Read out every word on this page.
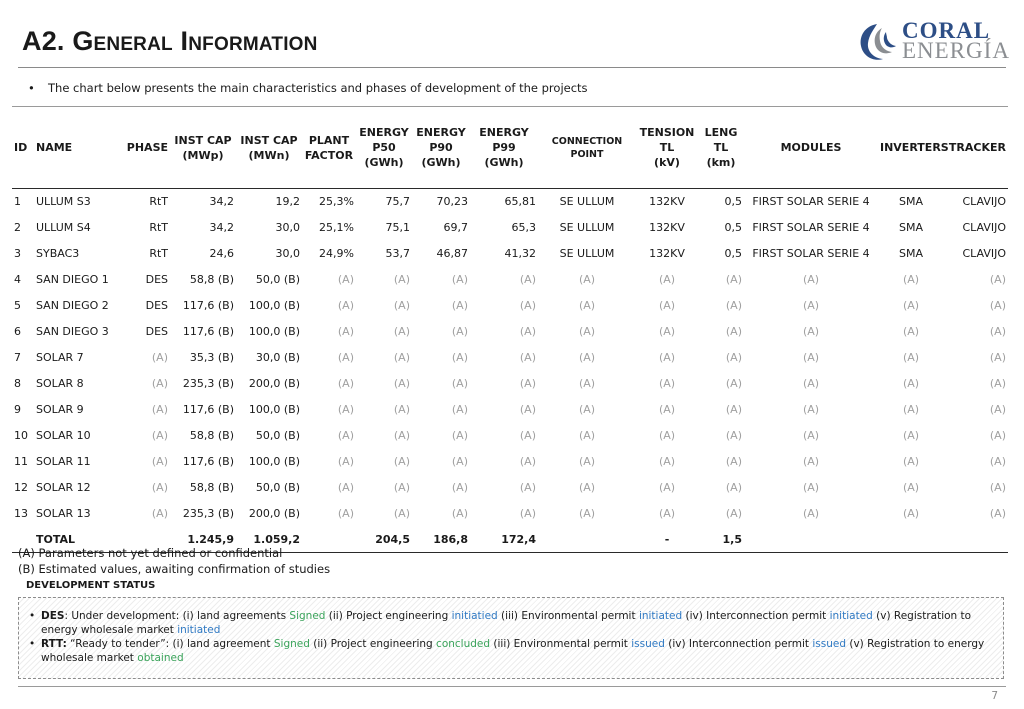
A2. General Information	CORAL
ENERGÍA
• The chart below presents the main characteristics and phases of development of the projects
ID	NAME	PHASE	INST CAP
(MWp)	INST CAP
(MWn)	PLANT
FACTOR	ENERGY
P50
(GWh)	ENERGY
P90
(GWh)	ENERGY
P99
(GWh)	CONNECTION
POINT	TENSION
TL
(kV)	LENG
TL
(km)	MODULES	INVERTERS	TRACKER
1	ULLUM S3	RtT	34,2	19,2	25,3%	75,7	70,23	65,81	SE ULLUM	132KV	0,5	FIRST SOLAR SERIE 4	SMA	CLAVIJO
2	ULLUM S4	RtT	34,2	30,0	25,1%	75,1	69,7	65,3	SE ULLUM	132KV	0,5	FIRST SOLAR SERIE 4	SMA	CLAVIJO
3	SYBAC3	RtT	24,6	30,0	24,9%	53,7	46,87	41,32	SE ULLUM	132KV	0,5	FIRST SOLAR SERIE 4	SMA	CLAVIJO
4	SAN DIEGO 1	DES	58,8 (B)	50,0 (B)	(A)	(A)	(A)	(A)	(A)	(A)	(A)	(A)	(A)	(A)
5	SAN DIEGO 2	DES	117,6 (B)	100,0 (B)	(A)	(A)	(A)	(A)	(A)	(A)	(A)	(A)	(A)	(A)
6	SAN DIEGO 3	DES	117,6 (B)	100,0 (B)	(A)	(A)	(A)	(A)	(A)	(A)	(A)	(A)	(A)	(A)
7	SOLAR 7	(A)	35,3 (B)	30,0 (B)	(A)	(A)	(A)	(A)	(A)	(A)	(A)	(A)	(A)	(A)
8	SOLAR 8	(A)	235,3 (B)	200,0 (B)	(A)	(A)	(A)	(A)	(A)	(A)	(A)	(A)	(A)	(A)
9	SOLAR 9	(A)	117,6 (B)	100,0 (B)	(A)	(A)	(A)	(A)	(A)	(A)	(A)	(A)	(A)	(A)
10	SOLAR 10	(A)	58,8 (B)	50,0 (B)	(A)	(A)	(A)	(A)	(A)	(A)	(A)	(A)	(A)	(A)
11	SOLAR 11	(A)	117,6 (B)	100,0 (B)	(A)	(A)	(A)	(A)	(A)	(A)	(A)	(A)	(A)	(A)
12	SOLAR 12	(A)	58,8 (B)	50,0 (B)	(A)	(A)	(A)	(A)	(A)	(A)	(A)	(A)	(A)	(A)
13	SOLAR 13	(A)	235,3 (B)	200,0 (B)	(A)	(A)	(A)	(A)	(A)	(A)	(A)	(A)	(A)	(A)
	TOTAL		1.245,9	1.059,2		204,5	186,8	172,4		-	1,5			
(A) Parameters not yet defined or confidential
(B) Estimated values, awaiting confirmation of studies
DEVELOPMENT STATUS
• DES: Under development: (i) land agreements Signed (ii) Project engineering initiatied (iii) Environmental permit initiated (iv) Interconnection permit initiated (v) Registration to energy wholesale market initiated
• RTT: “Ready to tender”: (i) land agreement Signed (ii) Project engineering concluded (iii) Environmental permit issued (iv) Interconnection permit issued (v) Registration to energy wholesale market obtained
7
